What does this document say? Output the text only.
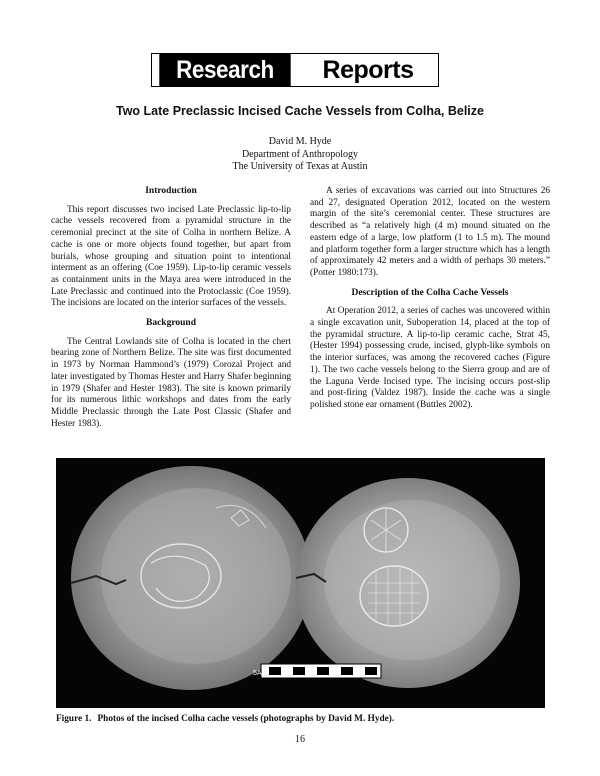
Research	Reports
Two Late Preclassic Incised Cache Vessels from Colha, Belize
David M. Hyde
Department of Anthropology
The University of Texas at Austin
Introduction

This report discusses two incised Late Preclassic lip-to-lip cache vessels recovered from a pyramidal structure in the ceremonial precinct at the site of Colha in northern Belize. A cache is one or more objects found together, but apart from burials, whose grouping and situation point to intentional interment as an offering (Coe 1959). Lip-to-lip ceramic vessels as containment units in the Maya area were introduced in the Late Preclassic and continued into the Protoclassic (Coe 1959). The incisions are located on the interior surfaces of the vessels.

Background

The Central Lowlands site of Colha is located in the chert bearing zone of Northern Belize. The site was first documented in 1973 by Norman Hammond’s (1979) Corozal Project and later investigated by Thomas Hester and Harry Shafer beginning in 1979 (Shafer and Hester 1983). The site is known primarily for its numerous lithic workshops and dates from the early Middle Preclassic through the Late Post Classic (Shafer and Hester 1983).

A series of excavations was carried out into Structures 26 and 27, designated Operation 2012, located on the western margin of the site’s ceremonial center. These structures are described as “a relatively high (4 m) mound situated on the eastern edge of a large, low platform (1 to 1.5 m). The mound and platform together form a larger structure which has a length of approximately 42 meters and a width of perhaps 30 meters.” (Potter 1980:173).

Description of the Colha Cache Vessels

At Operation 2012, a series of caches was uncovered within a single excavation unit, Suboperation 14, placed at the top of the pyramidal structure. A lip-to-lip ceramic cache, Strat 45, (Hester 1994) possessing crude, incised, glyph-like symbols on the interior surfaces, was among the recovered caches (Figure 1). The two cache vessels belong to the Sierra group and are of the Laguna Verde Incised type. The incising occurs post-slip and post-firing (Valdez 1987). Inside the cache was a single polished stone ear ornament (Buttles 2002).

5A
Figure 1. Photos of the incised Colha cache vessels (photographs by David M. Hyde).
16
